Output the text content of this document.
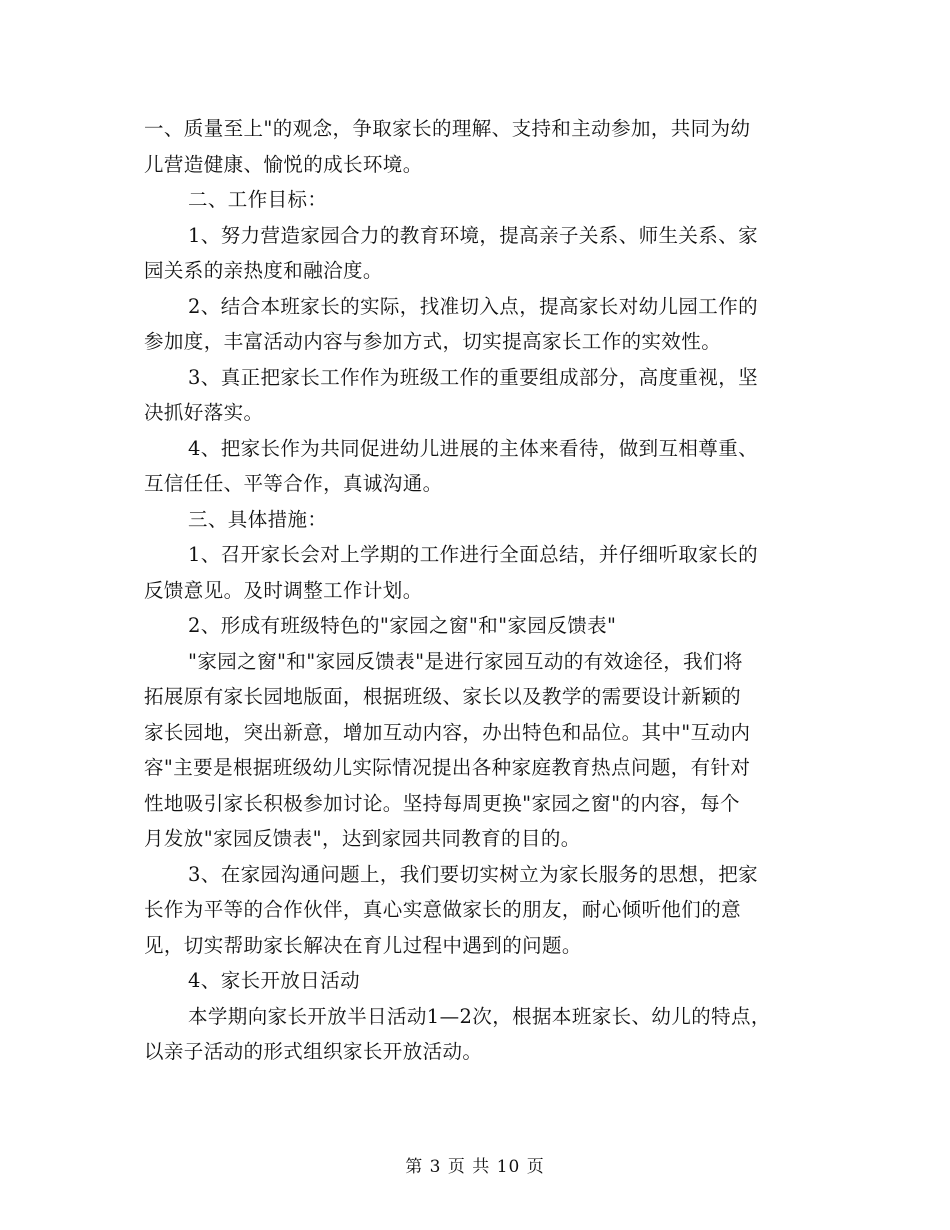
一、质量至上"的观念，争取家长的理解、支持和主动参加，共同为幼
儿营造健康、愉悦的成长环境。

二、工作目标：

1、努力营造家园合力的教育环境，提高亲子关系、师生关系、家
园关系的亲热度和融洽度。

2、结合本班家长的实际，找准切入点，提高家长对幼儿园工作的
参加度，丰富活动内容与参加方式，切实提高家长工作的实效性。

3、真正把家长工作作为班级工作的重要组成部分，高度重视，坚
决抓好落实。

4、把家长作为共同促进幼儿进展的主体来看待，做到互相尊重、
互信任任、平等合作，真诚沟通。

三、具体措施：

1、召开家长会对上学期的工作进行全面总结，并仔细听取家长的
反馈意见。及时调整工作计划。

2、形成有班级特色的"家园之窗"和"家园反馈表"

"家园之窗"和"家园反馈表"是进行家园互动的有效途径，我们将
拓展原有家长园地版面，根据班级、家长以及教学的需要设计新颖的
家长园地，突出新意，增加互动内容，办出特色和品位。其中"互动内
容"主要是根据班级幼儿实际情况提出各种家庭教育热点问题，有针对
性地吸引家长积极参加讨论。坚持每周更换"家园之窗"的内容，每个
月发放"家园反馈表"，达到家园共同教育的目的。

3、在家园沟通问题上，我们要切实树立为家长服务的思想，把家
长作为平等的合作伙伴，真心实意做家长的朋友，耐心倾听他们的意
见，切实帮助家长解决在育儿过程中遇到的问题。

4、家长开放日活动

本学期向家长开放半日活动1—2次，根据本班家长、幼儿的特点，
以亲子活动的形式组织家长开放活动。

第 3 页 共 10 页
